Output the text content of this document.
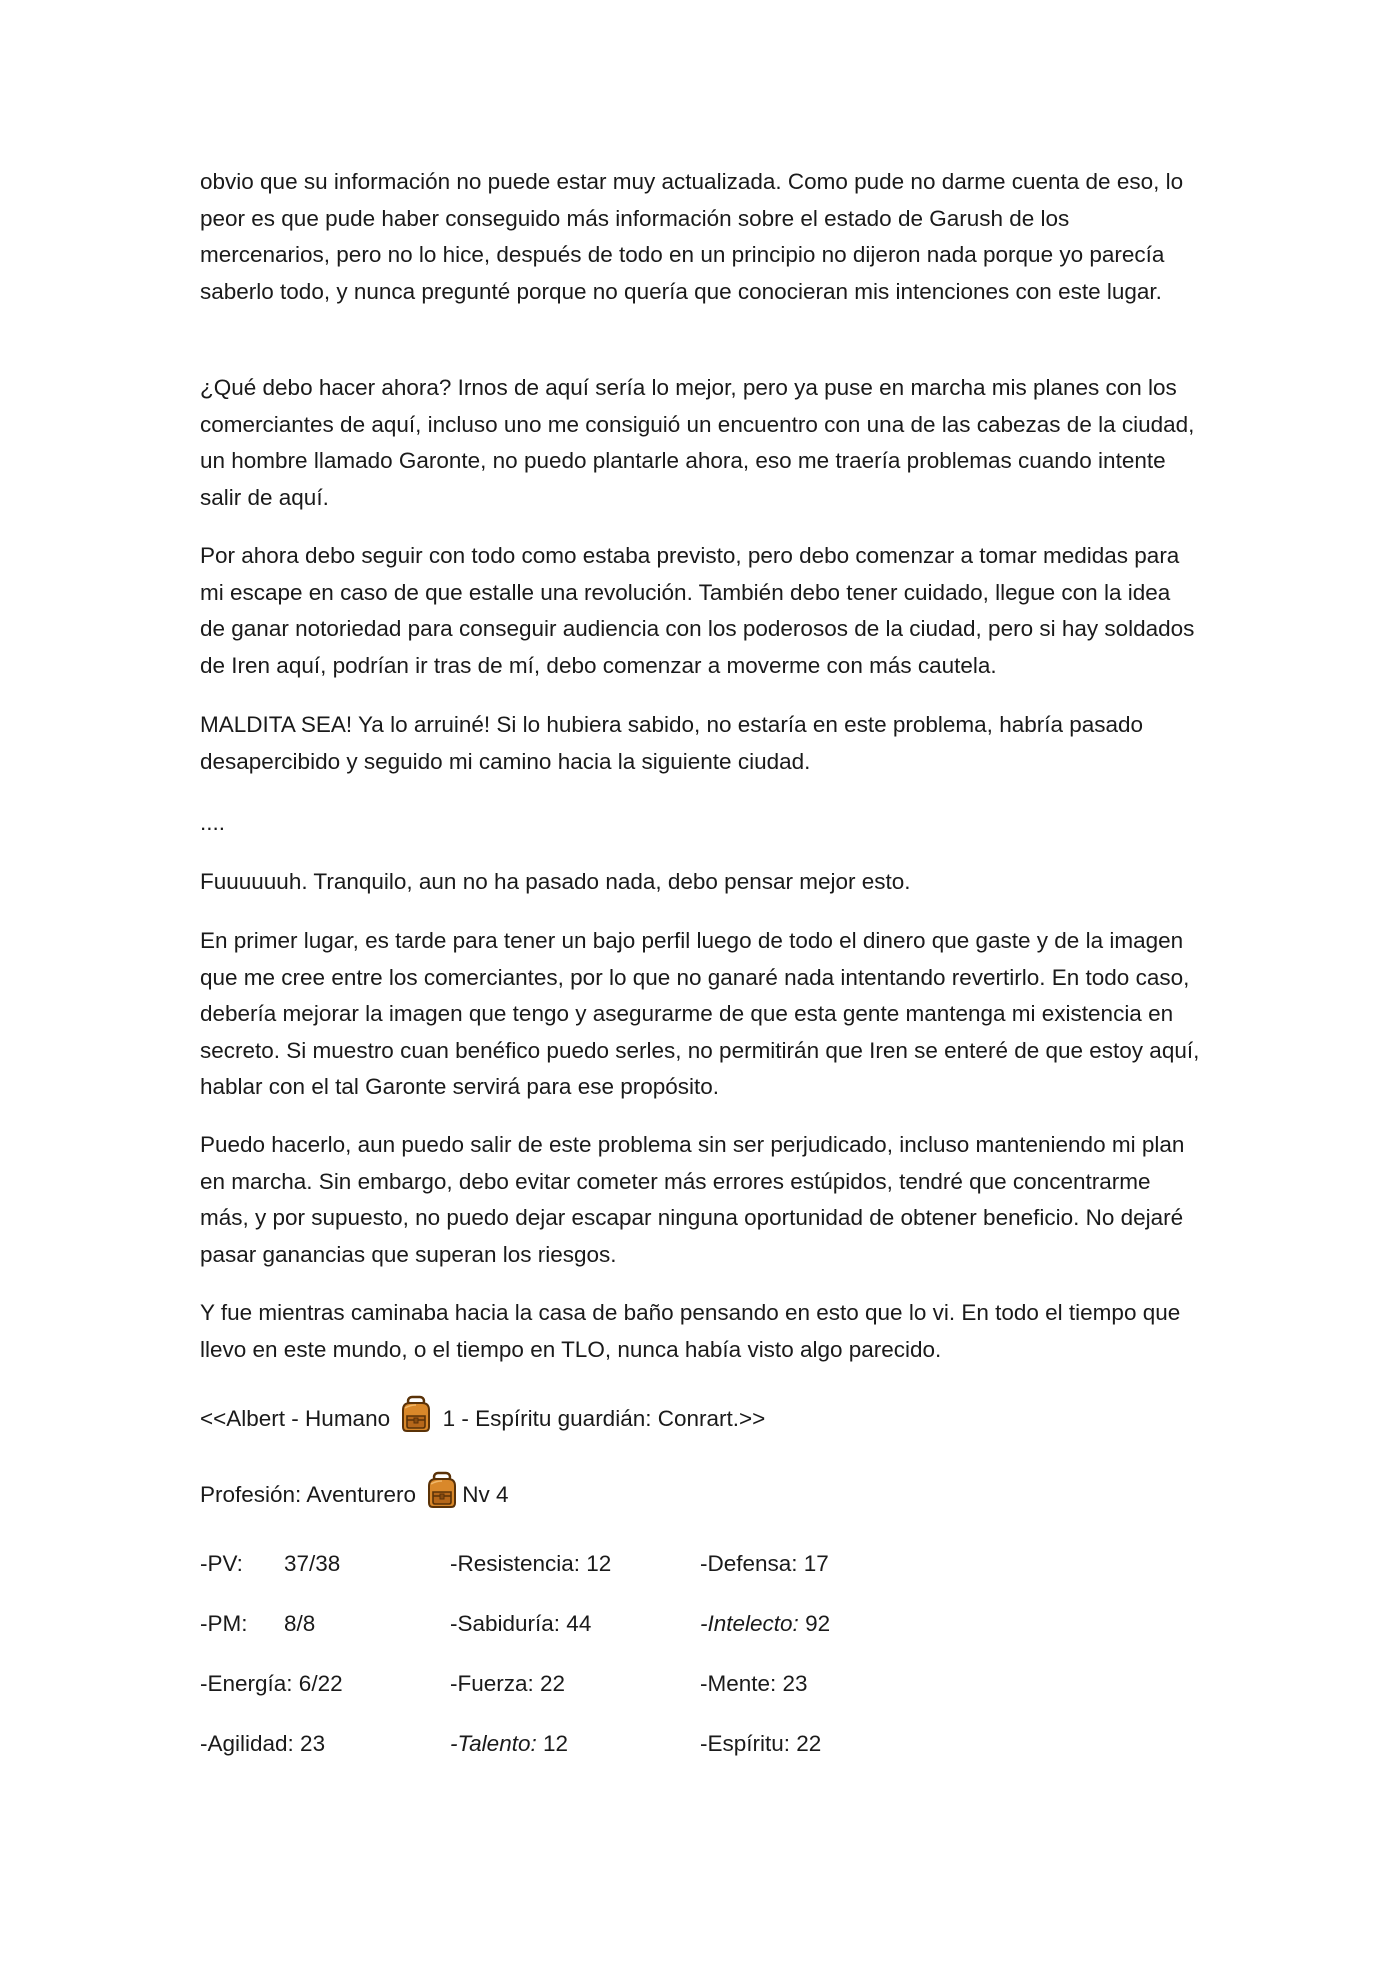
obvio que su información no puede estar muy actualizada. Como pude no darme cuenta de eso, lo peor es que pude haber conseguido más información sobre el estado de Garush de los mercenarios, pero no lo hice, después de todo en un principio no dijeron nada porque yo parecía saberlo todo, y nunca pregunté porque no quería que conocieran mis intenciones con este lugar.

¿Qué debo hacer ahora? Irnos de aquí sería lo mejor, pero ya puse en marcha mis planes con los comerciantes de aquí, incluso uno me consiguió un encuentro con una de las cabezas de la ciudad, un hombre llamado Garonte, no puedo plantarle ahora, eso me traería problemas cuando intente salir de aquí.

Por ahora debo seguir con todo como estaba previsto, pero debo comenzar a tomar medidas para mi escape en caso de que estalle una revolución. También debo tener cuidado, llegue con la idea de ganar notoriedad para conseguir audiencia con los poderosos de la ciudad, pero si hay soldados de Iren aquí, podrían ir tras de mí, debo comenzar a moverme con más cautela.

MALDITA SEA! Ya lo arruiné! Si lo hubiera sabido, no estaría en este problema, habría pasado desapercibido y seguido mi camino hacia la siguiente ciudad.

....

Fuuuuuuh. Tranquilo, aun no ha pasado nada, debo pensar mejor esto.

En primer lugar, es tarde para tener un bajo perfil luego de todo el dinero que gaste y de la imagen que me cree entre los comerciantes, por lo que no ganaré nada intentando revertirlo. En todo caso, debería mejorar la imagen que tengo y asegurarme de que esta gente mantenga mi existencia en secreto. Si muestro cuan benéfico puedo serles, no permitirán que Iren se enteré de que estoy aquí, hablar con el tal Garonte servirá para ese propósito.

Puedo hacerlo, aun puedo salir de este problema sin ser perjudicado, incluso manteniendo mi plan en marcha. Sin embargo, debo evitar cometer más errores estúpidos, tendré que concentrarme más, y por supuesto, no puedo dejar escapar ninguna oportunidad de obtener beneficio. No dejaré pasar ganancias que superan los riesgos.

Y fue mientras caminaba hacia la casa de baño pensando en esto que lo vi. En todo el tiempo que llevo en este mundo, o el tiempo en TLO, nunca había visto algo parecido.

<<Albert - Humano  1 - Espíritu guardián: Conrart.>>
Profesión: Aventurero Nv 4
-PV: 37/38	-Resistencia: 12	-Defensa: 17
-PM: 8/8	-Sabiduría: 44	-Intelecto: 92
-Energía: 6/22	-Fuerza: 22	-Mente: 23
-Agilidad: 23	-Talento: 12	-Espíritu: 22
